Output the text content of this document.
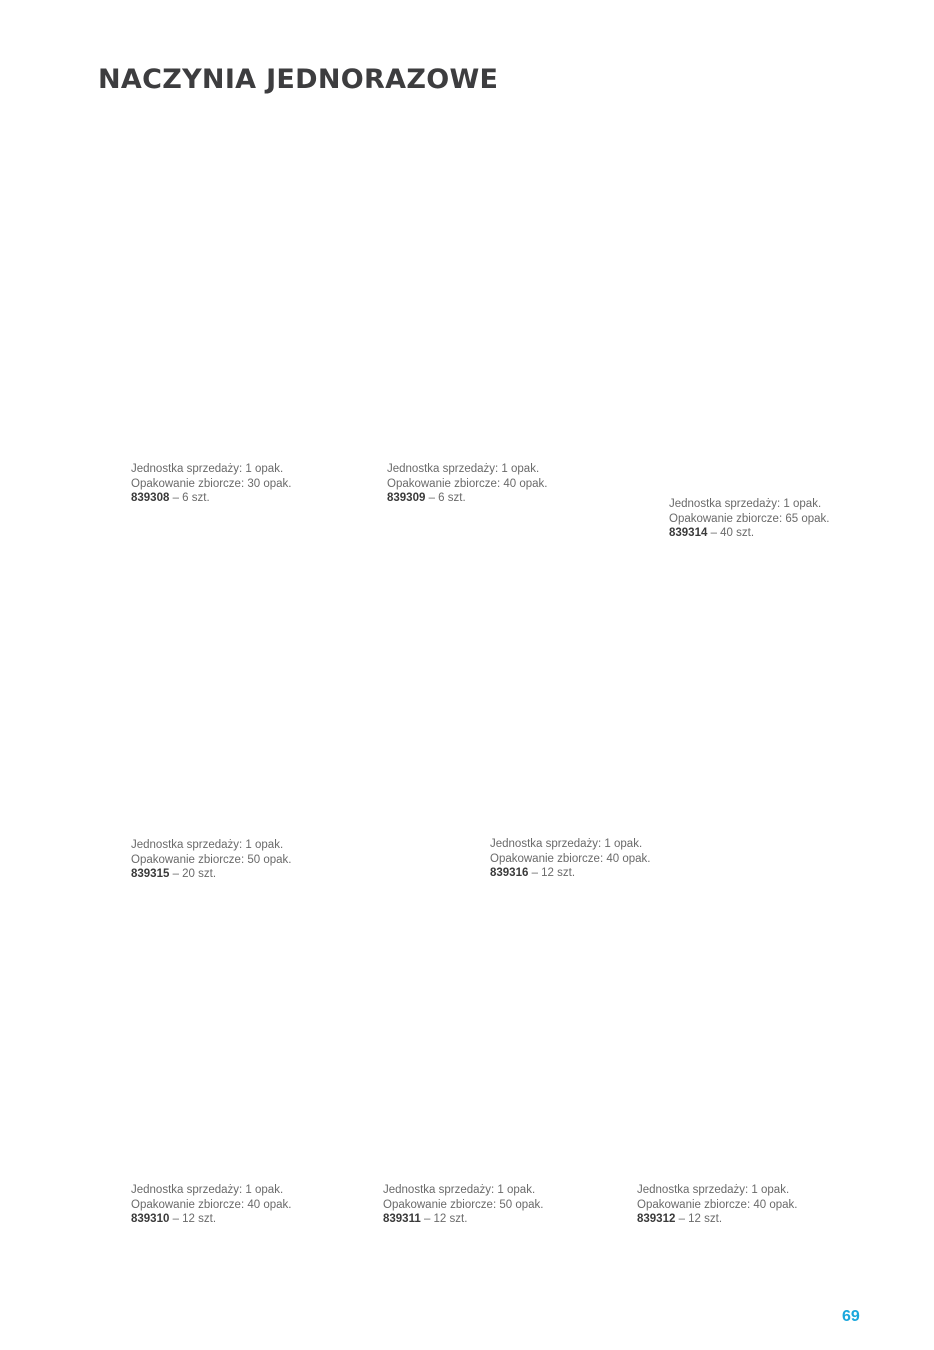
NACZYNIA JEDNORAZOWE
Jednostka sprzedaży: 1 opak.
Opakowanie zbiorcze: 30 opak.
839308 – 6 szt.
Jednostka sprzedaży: 1 opak.
Opakowanie zbiorcze: 40 opak.
839309 – 6 szt.	Jednostka sprzedaży: 1 opak.
Opakowanie zbiorcze: 65 opak.
839314 – 40 szt.
Jednostka sprzedaży: 1 opak.
Opakowanie zbiorcze: 50 opak.
839315 – 20 szt.
Jednostka sprzedaży: 1 opak.
Opakowanie zbiorcze: 40 opak.
839316 – 12 szt.
Jednostka sprzedaży: 1 opak.
Opakowanie zbiorcze: 40 opak.
839310 – 12 szt.
Jednostka sprzedaży: 1 opak.
Opakowanie zbiorcze: 50 opak.
839311 – 12 szt.
Jednostka sprzedaży: 1 opak.
Opakowanie zbiorcze: 40 opak.
839312 – 12 szt.
69
